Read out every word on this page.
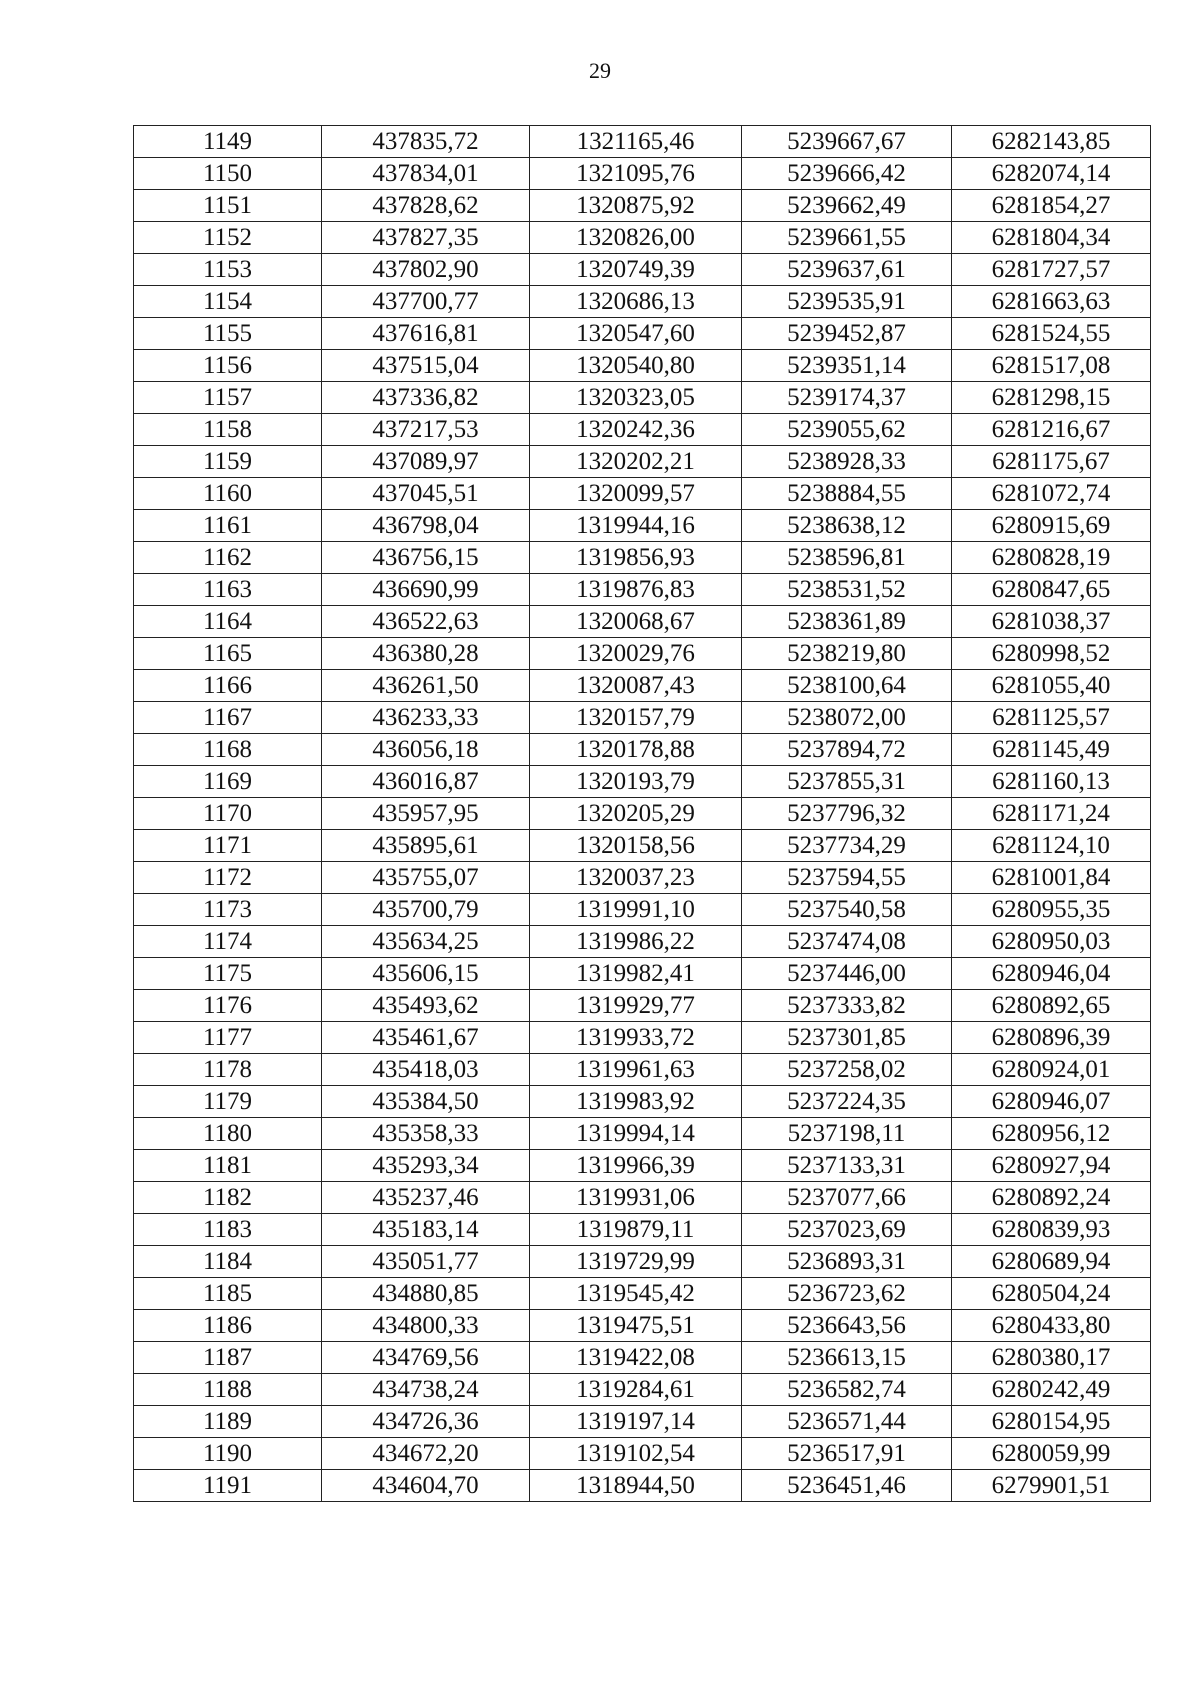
29
1149	437835,72	1321165,46	5239667,67	6282143,85
1150	437834,01	1321095,76	5239666,42	6282074,14
1151	437828,62	1320875,92	5239662,49	6281854,27
1152	437827,35	1320826,00	5239661,55	6281804,34
1153	437802,90	1320749,39	5239637,61	6281727,57
1154	437700,77	1320686,13	5239535,91	6281663,63
1155	437616,81	1320547,60	5239452,87	6281524,55
1156	437515,04	1320540,80	5239351,14	6281517,08
1157	437336,82	1320323,05	5239174,37	6281298,15
1158	437217,53	1320242,36	5239055,62	6281216,67
1159	437089,97	1320202,21	5238928,33	6281175,67
1160	437045,51	1320099,57	5238884,55	6281072,74
1161	436798,04	1319944,16	5238638,12	6280915,69
1162	436756,15	1319856,93	5238596,81	6280828,19
1163	436690,99	1319876,83	5238531,52	6280847,65
1164	436522,63	1320068,67	5238361,89	6281038,37
1165	436380,28	1320029,76	5238219,80	6280998,52
1166	436261,50	1320087,43	5238100,64	6281055,40
1167	436233,33	1320157,79	5238072,00	6281125,57
1168	436056,18	1320178,88	5237894,72	6281145,49
1169	436016,87	1320193,79	5237855,31	6281160,13
1170	435957,95	1320205,29	5237796,32	6281171,24
1171	435895,61	1320158,56	5237734,29	6281124,10
1172	435755,07	1320037,23	5237594,55	6281001,84
1173	435700,79	1319991,10	5237540,58	6280955,35
1174	435634,25	1319986,22	5237474,08	6280950,03
1175	435606,15	1319982,41	5237446,00	6280946,04
1176	435493,62	1319929,77	5237333,82	6280892,65
1177	435461,67	1319933,72	5237301,85	6280896,39
1178	435418,03	1319961,63	5237258,02	6280924,01
1179	435384,50	1319983,92	5237224,35	6280946,07
1180	435358,33	1319994,14	5237198,11	6280956,12
1181	435293,34	1319966,39	5237133,31	6280927,94
1182	435237,46	1319931,06	5237077,66	6280892,24
1183	435183,14	1319879,11	5237023,69	6280839,93
1184	435051,77	1319729,99	5236893,31	6280689,94
1185	434880,85	1319545,42	5236723,62	6280504,24
1186	434800,33	1319475,51	5236643,56	6280433,80
1187	434769,56	1319422,08	5236613,15	6280380,17
1188	434738,24	1319284,61	5236582,74	6280242,49
1189	434726,36	1319197,14	5236571,44	6280154,95
1190	434672,20	1319102,54	5236517,91	6280059,99
1191	434604,70	1318944,50	5236451,46	6279901,51
